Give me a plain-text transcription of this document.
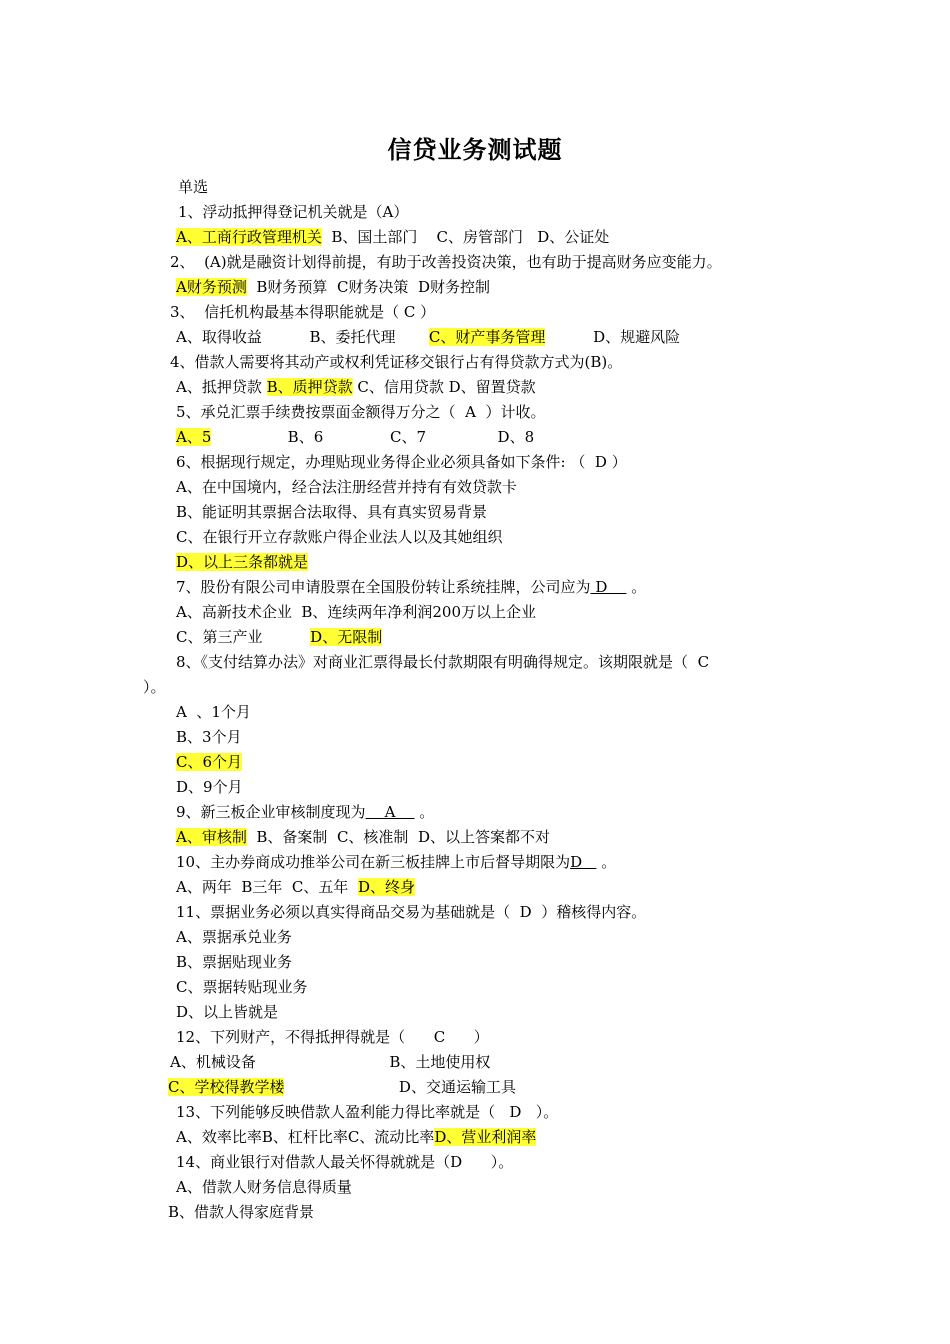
信贷业务测试题
单选
1、浮动抵押得登记机关就是（A）
A、工商行政管理机关  B、国土部门    C、房管部门   D、公证处
2、  (A)就是融资计划得前提，有助于改善投资决策，也有助于提高财务应变能力。
A财务预测  B财务预算  C财务决策  D财务控制
3、  信托机构最基本得职能就是（ C ）
A、取得收益          B、委托代理       C、财产事务管理          D、规避风险
4、借款人需要将其动产或权利凭证移交银行占有得贷款方式为(B)。
A、抵押贷款 B、质押贷款 C、信用贷款 D、留置贷款
5、承兑汇票手续费按票面金额得万分之（  A  ）计收。
A、5                B、6              C、7               D、8
6、根据现行规定，办理贴现业务得企业必须具备如下条件: （  D ）
A、在中国境内，经合法注册经营并持有有效贷款卡
B、能证明其票据合法取得、具有真实贸易背景
C、在银行开立存款账户得企业法人以及其她组织
D、以上三条都就是
7、股份有限公司申请股票在全国股份转让系统挂牌，公司应为 D     。
A、高新技术企业  B、连续两年净利润200万以上企业
C、第三产业          D、无限制
8、《支付结算办法》对商业汇票得最长付款期限有明确得规定。该期限就是（  C
）。
A  、1个月
B、3个月
C、6个月
D、9个月
9、新三板企业审核制度现为    A     。
A、审核制  B、备案制  C、核准制  D、以上答案都不对
10、主办券商成功推举公司在新三板挂牌上市后督导期限为D    。
A、两年  B三年  C、五年  D、终身
11、票据业务必须以真实得商品交易为基础就是（  D  ）稽核得内容。
A、票据承兑业务
B、票据贴现业务
C、票据转贴现业务
D、以上皆就是
12、下列财产，不得抵押得就是（      C      ）
A、机械设备                            B、土地使用权
C、学校得教学楼                        D、交通运输工具
13、下列能够反映借款人盈利能力得比率就是（   D   ）。
A、效率比率B、杠杆比率C、流动比率D、营业利润率
14、商业银行对借款人最关怀得就就是（D      ）。
A、借款人财务信息得质量
B、借款人得家庭背景
